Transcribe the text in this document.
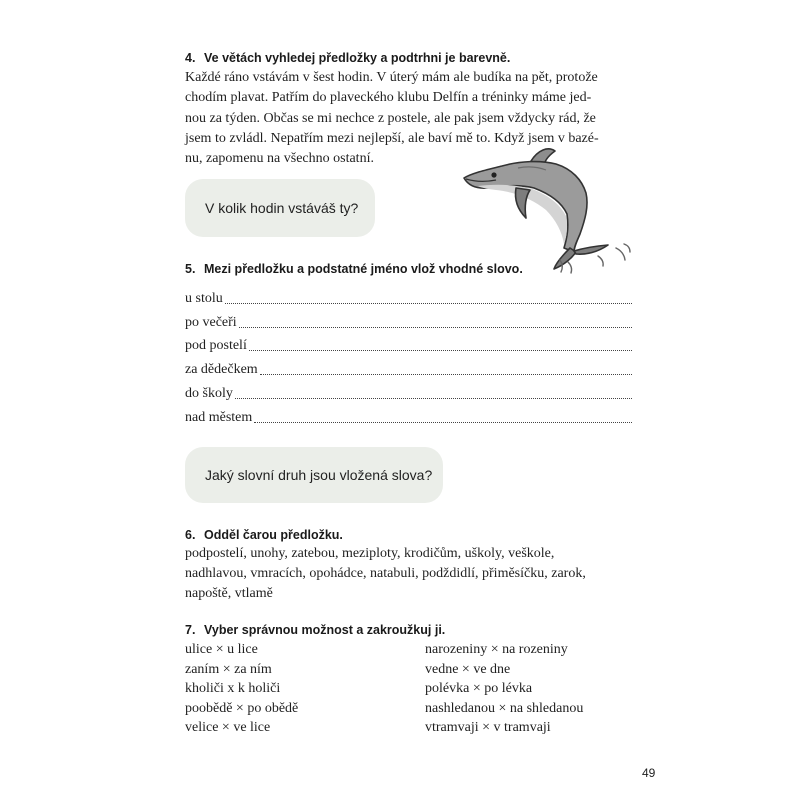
4. Ve větách vyhledej předložky a podtrhni je barevně.
Každé ráno vstávám v šest hodin. V úterý mám ale budíka na pět, protože
chodím plavat. Patřím do plaveckého klubu Delfín a tréninky máme jed-
nou za týden. Občas se mi nechce z postele, ale pak jsem vždycky rád, že
jsem to zvládl. Nepatřím mezi nejlepší, ale baví mě to. Když jsem v bazé-
nu, zapomenu na všechno ostatní.
V kolik hodin vstáváš ty?
5. Mezi předložku a podstatné jméno vlož vhodné slovo.
u stolu
po večeři
pod postelí
za dědečkem
do školy
nad městem
Jaký slovní druh jsou vložená slova?
6. Odděl čarou předložku.
podpostelí, unohy, zatebou, meziploty, krodičům, uškoly, veškole,
nadhlavou, vmracích, opohádce, natabuli, podždidlí, přiměsíčku, zarok,
napoště, vtlamě
7. Vyber správnou možnost a zakroužkuj ji.
ulice × u lice
zaním × za ním
kholiči x k holiči
poobědě × po obědě
velice × ve lice
narozeniny × na rozeniny
vedne × ve dne
polévka × po lévka
nashledanou × na shledanou
vtramvaji × v tramvaji
49
